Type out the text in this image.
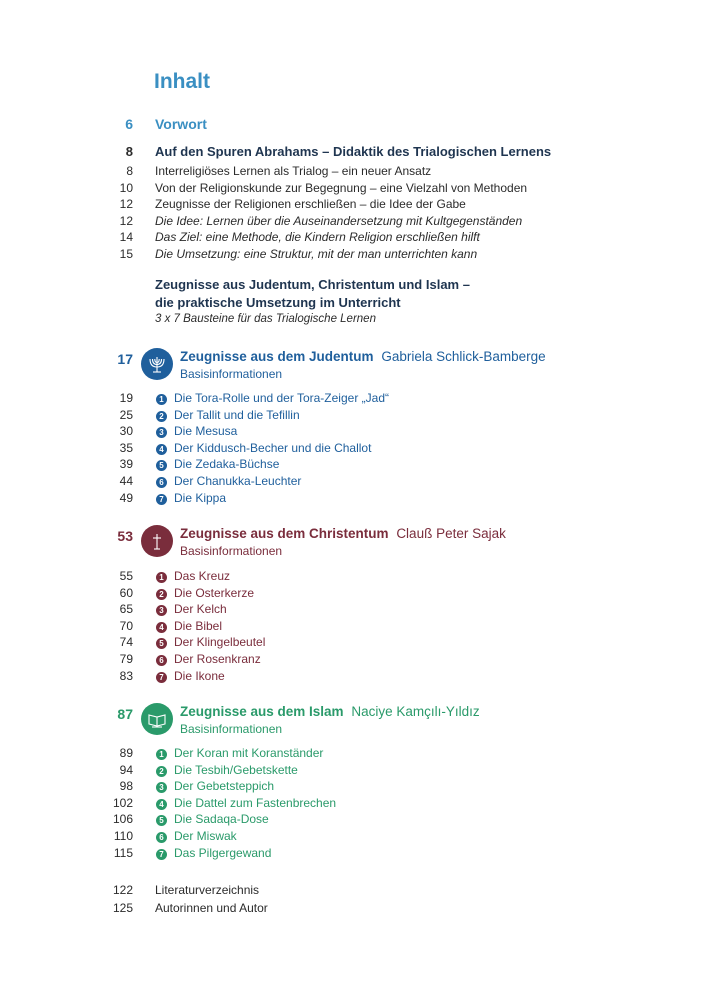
Inhalt
6 Vorwort
8 Auf den Spuren Abrahams – Didaktik des Trialogischen Lernens
8 Interreligiöses Lernen als Trialog – ein neuer Ansatz
10 Von der Religionskunde zur Begegnung – eine Vielzahl von Methoden
12 Zeugnisse der Religionen erschließen – die Idee der Gabe
12 Die Idee: Lernen über die Auseinandersetzung mit Kultgegenständen
14 Das Ziel: eine Methode, die Kindern Religion erschließen hilft
15 Die Umsetzung: eine Struktur, mit der man unterrichten kann
Zeugnisse aus Judentum, Christentum und Islam –
die praktische Umsetzung im Unterricht
3 x 7 Bausteine für das Trialogische Lernen
17	Zeugnisse aus dem Judentum Gabriela Schlick-Bamberge
Basisinformationen
19	1 Die Tora-Rolle und der Tora-Zeiger „Jad“
25	2 Der Tallit und die Tefillin
30	3 Die Mesusa
35	4 Der Kiddusch-Becher und die Challot
39	5 Die Zedaka-Büchse
44	6 Der Chanukka-Leuchter
49	7 Die Kippa
53	Zeugnisse aus dem Christentum Clauß Peter Sajak
Basisinformationen
55	1 Das Kreuz
60	2 Die Osterkerze
65	3 Der Kelch
70	4 Die Bibel
74	5 Der Klingelbeutel
79	6 Der Rosenkranz
83	7 Die Ikone
87	Zeugnisse aus dem Islam Naciye Kamçılı-Yıldız
Basisinformationen
89	1 Der Koran mit Koranständer
94	2 Die Tesbih/Gebetskette
98	3 Der Gebetsteppich
102	4 Die Dattel zum Fastenbrechen
106	5 Die Sadaqa-Dose
110	6 Der Miswak
115	7 Das Pilgergewand
122 Literaturverzeichnis
125 Autorinnen und Autor
